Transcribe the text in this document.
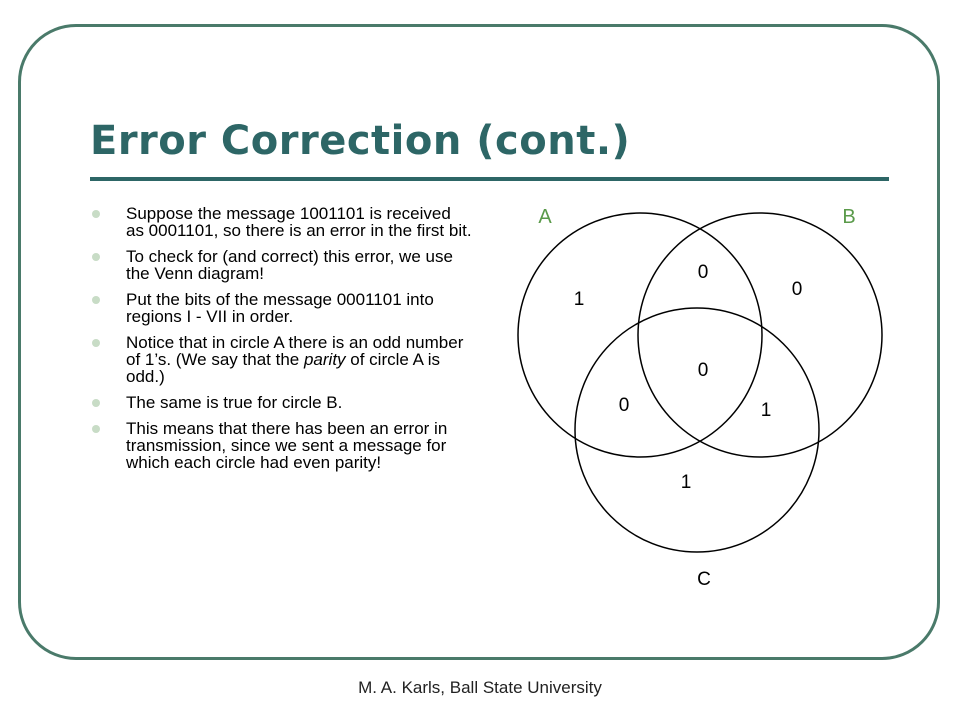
Error Correction (cont.)
Suppose the message 1001101 is received as 0001101, so there is an error in the first bit.
To check for (and correct) this error, we use the Venn diagram!
Put the bits of the message 0001101 into regions I - VII in order.
Notice that in circle A there is an odd number of 1’s. (We say that the parity of circle A is odd.)
The same is true for circle B.
This means that there has been an error in transmission, since we sent a message for which each circle had even parity!
A	B
C
1
0
0
0
0	1
1
M. A. Karls, Ball State University
